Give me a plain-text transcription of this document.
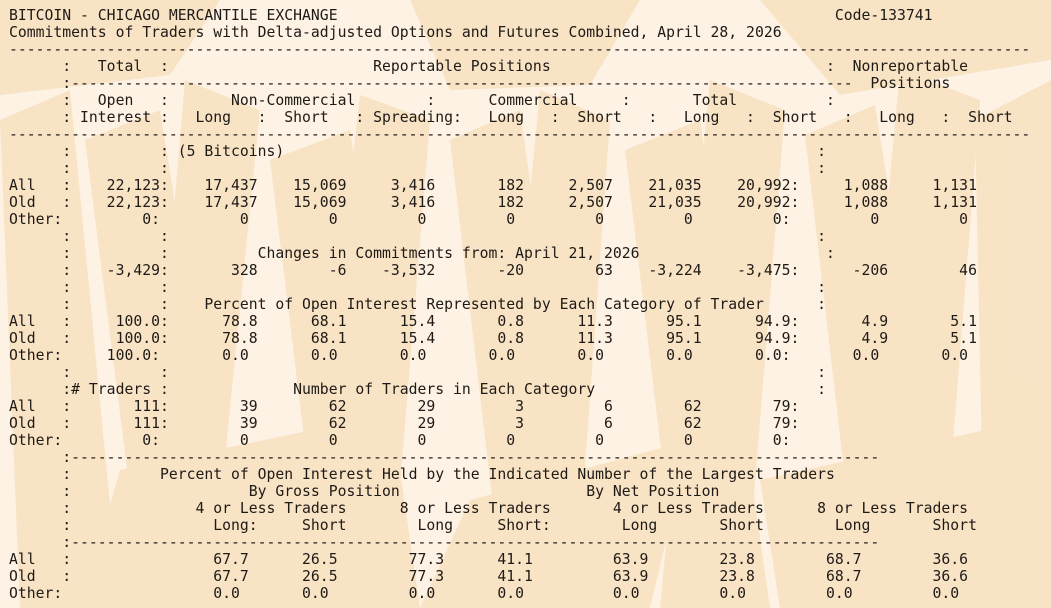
BITCOIN - CHICAGO MERCANTILE EXCHANGE                                                        Code-133741
Commitments of Traders with Delta-adjusted Options and Futures Combined, April 28, 2026
-------------------------------------------------------------------------------------------------------------------
:   Total  :                       Reportable Positions                               :  Nonreportable
:----------------------------------------------------------------------------------------  Positions
:   Open   :       Non-Commercial        :      Commercial     :       Total          :
: Interest :   Long   :  Short   : Spreading:   Long   :  Short   :   Long   :  Short   :   Long   :  Short
-------------------------------------------------------------------------------------------------------------------
:          : (5 Bitcoins)                                                            :
:          :                                                                         :
All   :    22,123:    17,437    15,069     3,416       182     2,507    21,035    20,992:     1,088     1,131
Old   :    22,123:    17,437    15,069     3,416       182     2,507    21,035    20,992:     1,088     1,131
Other:         0:         0         0         0         0         0         0         0:         0         0
:          :                                                                         :
:          :          Changes in Commitments from: April 21, 2026                     :
:    -3,429:       328        -6    -3,532       -20        63    -3,224    -3,475:      -206        46
:          :                                                                         :
:          :    Percent of Open Interest Represented by Each Category of Trader      :
All   :     100.0:      78.8      68.1      15.4       0.8      11.3      95.1      94.9:       4.9       5.1
Old   :     100.0:      78.8      68.1      15.4       0.8      11.3      95.1      94.9:       4.9       5.1
Other:     100.0:       0.0       0.0       0.0       0.0       0.0       0.0       0.0:       0.0       0.0
:          :                                                                         :
:# Traders :              Number of Traders in Each Category                         :
All   :       111:        39        62        29         3         6        62        79:
Old   :       111:        39        62        29         3         6        62        79:
Other:         0:         0         0         0         0         0         0         0:
:-------------------------------------------------------------------------------------------
:          Percent of Open Interest Held by the Indicated Number of the Largest Traders
:                    By Gross Position                     By Net Position
:              4 or Less Traders      8 or Less Traders       4 or Less Traders      8 or Less Traders
:                Long:     Short        Long     Short:        Long       Short        Long       Short
:-------------------------------------------------------------------------------------------
All   :                67.7      26.5        77.3      41.1         63.9        23.8        68.7        36.6
Old   :                67.7      26.5        77.3      41.1         63.9        23.8        68.7        36.6
Other:                 0.0       0.0         0.0       0.0          0.0         0.0         0.0         0.0
